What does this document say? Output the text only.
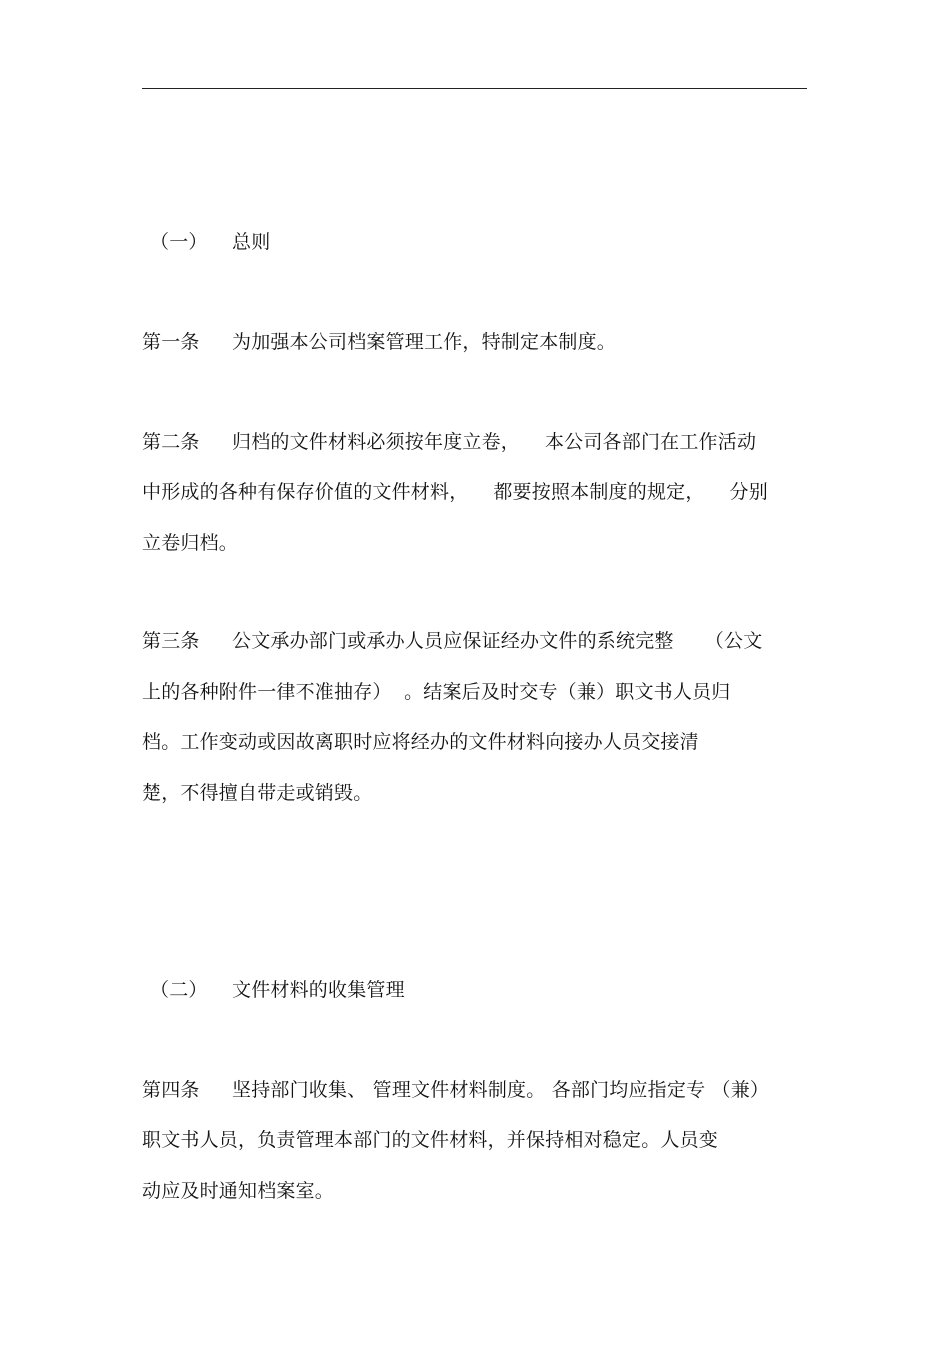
（一） 总则
第一条 为加强本公司档案管理工作，特制定本制度。
第二条 归档的文件材料必须按年度立卷，    本公司各部门在工作活动
中形成的各种有保存价值的文件材料，    都要按照本制度的规定，    分别
立卷归档。
第三条 公文承办部门或承办人员应保证经办文件的系统完整     （公文
上的各种附件一律不准抽存）  。结案后及时交专（兼）职文书人员归
档。工作变动或因故离职时应将经办的文件材料向接办人员交接清
楚，不得擅自带走或销毁。
（二） 文件材料的收集管理
第四条 坚持部门收集、 管理文件材料制度。 各部门均应指定专 （兼）
职文书人员，负责管理本部门的文件材料，并保持相对稳定。人员变
动应及时通知档案室。
